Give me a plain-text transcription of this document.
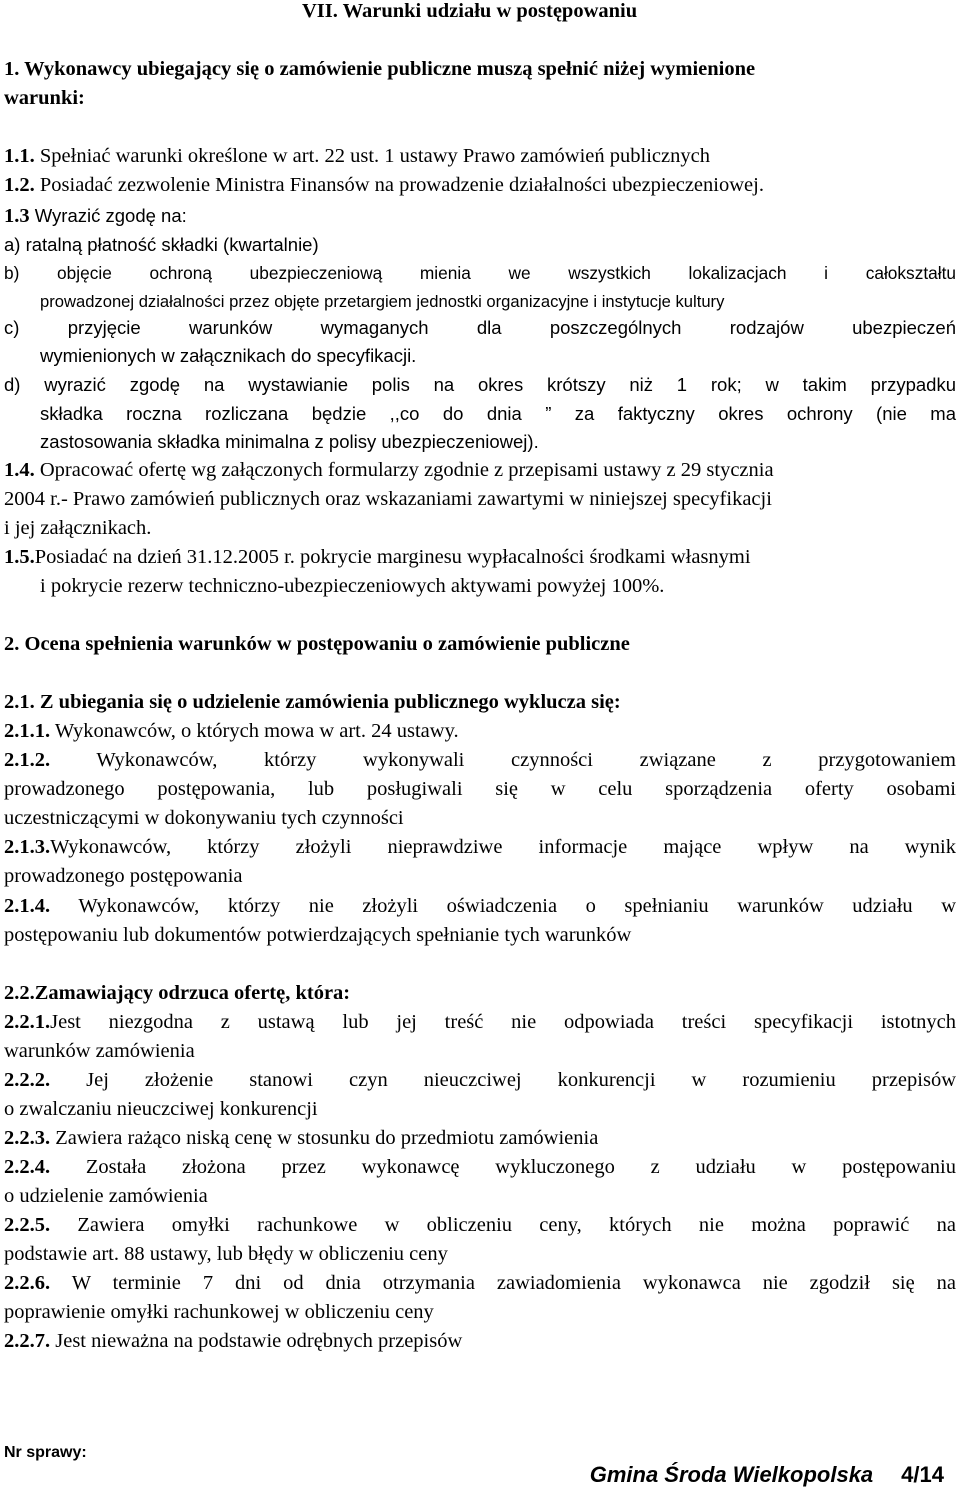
VII. Warunki udziału w postępowaniu
1. Wykonawcy ubiegający się o zamówienie publiczne muszą spełnić niżej wymienione
warunki:
1.1. Spełniać warunki określone w art. 22 ust. 1 ustawy Prawo zamówień publicznych
1.2. Posiadać zezwolenie Ministra Finansów na prowadzenie działalności ubezpieczeniowej.
1.3 Wyrazić zgodę na:
a) ratalną płatność składki (kwartalnie)
b) objęcie ochroną ubezpieczeniową mienia we wszystkich lokalizacjach i całokształtu
prowadzonej działalności przez objęte przetargiem jednostki organizacyjne i instytucje kultury
c) przyjęcie warunków wymaganych dla poszczególnych rodzajów ubezpieczeń
wymienionych w załącznikach do specyfikacji.
d) wyrazić zgodę na wystawianie polis na okres krótszy niż 1 rok; w takim przypadku
składka roczna rozliczana będzie ,,co do dnia ” za faktyczny okres ochrony (nie ma
zastosowania składka minimalna z polisy ubezpieczeniowej).
1.4. Opracować ofertę wg załączonych formularzy zgodnie z przepisami ustawy z 29 stycznia
2004 r.- Prawo zamówień publicznych oraz wskazaniami zawartymi w niniejszej specyfikacji
i jej załącznikach.
1.5.Posiadać na dzień 31.12.2005 r. pokrycie marginesu wypłacalności środkami własnymi
i pokrycie rezerw techniczno-ubezpieczeniowych aktywami powyżej 100%.
2. Ocena spełnienia warunków w postępowaniu o zamówienie publiczne
2.1. Z ubiegania się o udzielenie zamówienia publicznego wyklucza się:
2.1.1. Wykonawców, o których mowa w art. 24 ustawy.
2.1.2. Wykonawców, którzy wykonywali czynności związane z przygotowaniem
prowadzonego postępowania, lub posługiwali się w celu sporządzenia oferty osobami
uczestniczącymi w dokonywaniu tych czynności
2.1.3.Wykonawców, którzy złożyli nieprawdziwe informacje mające wpływ na wynik
prowadzonego postępowania
2.1.4. Wykonawców, którzy nie złożyli oświadczenia o spełnianiu warunków udziału w
postępowaniu lub dokumentów potwierdzających spełnianie tych warunków
2.2.Zamawiający odrzuca ofertę, która:
2.2.1.Jest niezgodna z ustawą lub jej treść nie odpowiada treści specyfikacji istotnych
warunków zamówienia
2.2.2. Jej złożenie stanowi czyn nieuczciwej konkurencji w rozumieniu przepisów
o zwalczaniu nieuczciwej konkurencji
2.2.3. Zawiera rażąco niską cenę w stosunku do przedmiotu zamówienia
2.2.4. Została złożona przez wykonawcę wykluczonego z udziału w postępowaniu
o udzielenie zamówienia
2.2.5. Zawiera omyłki rachunkowe w obliczeniu ceny, których nie można poprawić na
podstawie art. 88 ustawy, lub błędy w obliczeniu ceny
2.2.6. W terminie 7 dni od dnia otrzymania zawiadomienia wykonawca nie zgodził się na
poprawienie omyłki rachunkowej w obliczeniu ceny
2.2.7. Jest nieważna na podstawie odrębnych przepisów
Nr sprawy:
Gmina Środa Wielkopolska 4/14
